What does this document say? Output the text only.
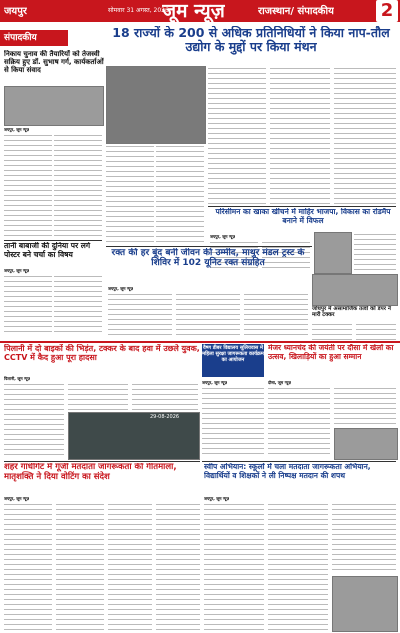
जयपुर	सोमवार 31 अगस्त, 2026
जूम न्यूज़	राजस्थान/ संपादकीय	2
संपादकीय	18 राज्यों के 200 से अधिक प्रतिनिधियों ने किया नाप-तौल उद्योग के मुद्दों पर किया मंथन
निकाय चुनाव की तैयारियों को तेजस्वी सक्रिय हुए डॉ. सुभाष गर्ग, कार्यकर्ताओं से किया संवाद
जयपुर, जूम न्यूज़
तानी बाबाजी की दुनिया पर लगे पोस्टर बने चर्चा का विषय
जयपुर, जूम न्यूज़
परिसीमन का खाका खींचने में माहिर भाजपा, विकास का रोडमैप बनाने में विफल
जयपुर, जूम न्यूज़
रक्त की हर बूंद बनी जीवन की उम्मीद, माथुर मंडल ट्रस्ट के शिविर में 102 यूनिट रक्त संग्रहित
जयपुर, जूम न्यूज़
जोधपुर में असामाजिक तत्वों को डंपर ने मारी टक्कर
पिलानी में दो बाइकों की भिड़ंत, टक्कर के बाद हवा में उछले युवक, CCTV में कैद हुआ पूरा हादसा
पिलानी, जूम न्यूज़
29-08-2026
वैष्ण डीबर विद्यालय सूलियवास में महिला सुरक्षा जागरूकता कार्यक्रम का आयोजन
जयपुर, जूम न्यूज़
मेजर ध्यानचंद की जयंती पर दौसा में खेलों का उत्सव, खिलाड़ियों का हुआ सम्मान
दौसा, जूम न्यूज़
शहर गांधीगेट में गूंजी मतदाता जागरूकता की गीतमाला, मातृशक्ति ने दिया वोटिंग का संदेश
जयपुर, जूम न्यूज़
स्वीप अभियान: स्कूलों में चला मतदाता जागरूकता अभियान, विद्यार्थियों व शिक्षकों ने ली निष्पक्ष मतदान की शपथ
जयपुर, जूम न्यूज़
